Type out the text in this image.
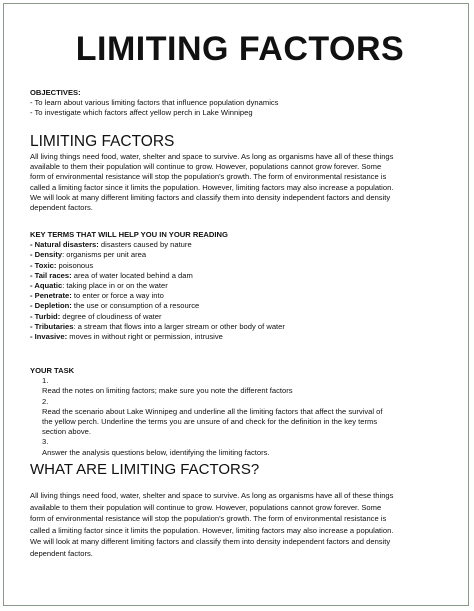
LIMITING FACTORS
OBJECTIVES:
- To learn about various limiting factors that influence population dynamics
- To investigate which factors affect yellow perch in Lake Winnipeg
LIMITING FACTORS
All living things need food, water, shelter and space to survive. As long as organisms have all of these things
available to them their population will continue to grow. However, populations cannot grow forever. Some
form of environmental resistance will stop the population's growth. The form of environmental resistance is
called a limiting factor since it limits the population. However, limiting factors may also increase a population.
We will look at many different limiting factors and classify them into density independent factors and density
dependent factors.
KEY TERMS THAT WILL HELP YOU IN YOUR READING
- Natural disasters: disasters caused by nature
- Density: organisms per unit area
- Toxic: poisonous
- Tail races: area of water located behind a dam
- Aquatic: taking place in or on the water
- Penetrate: to enter or force a way into
- Depletion: the use or consumption of a resource
- Turbid: degree of cloudiness of water
- Tributaries: a stream that flows into a larger stream or other body of water
- Invasive: moves in without right or permission, intrusive
YOUR TASK
1.Read the notes on limiting factors; make sure you note the different factors
2.
Read the scenario about Lake Winnipeg and underline all the limiting factors that affect the survival of
the yellow perch. Underline the terms you are unsure of and check for the definition in the key terms
section above.
3.Answer the analysis questions below, identifying the limiting factors.
WHAT ARE LIMITING FACTORS?
All living things need food, water, shelter and space to survive. As long as organisms have all of these things
available to them their population will continue to grow. However, populations cannot grow forever. Some
form of environmental resistance will stop the population's growth. The form of environmental resistance is
called a limiting factor since it limits the population. However, limiting factors may also increase a population.
We will look at many different limiting factors and classify them into density independent factors and density
dependent factors.
